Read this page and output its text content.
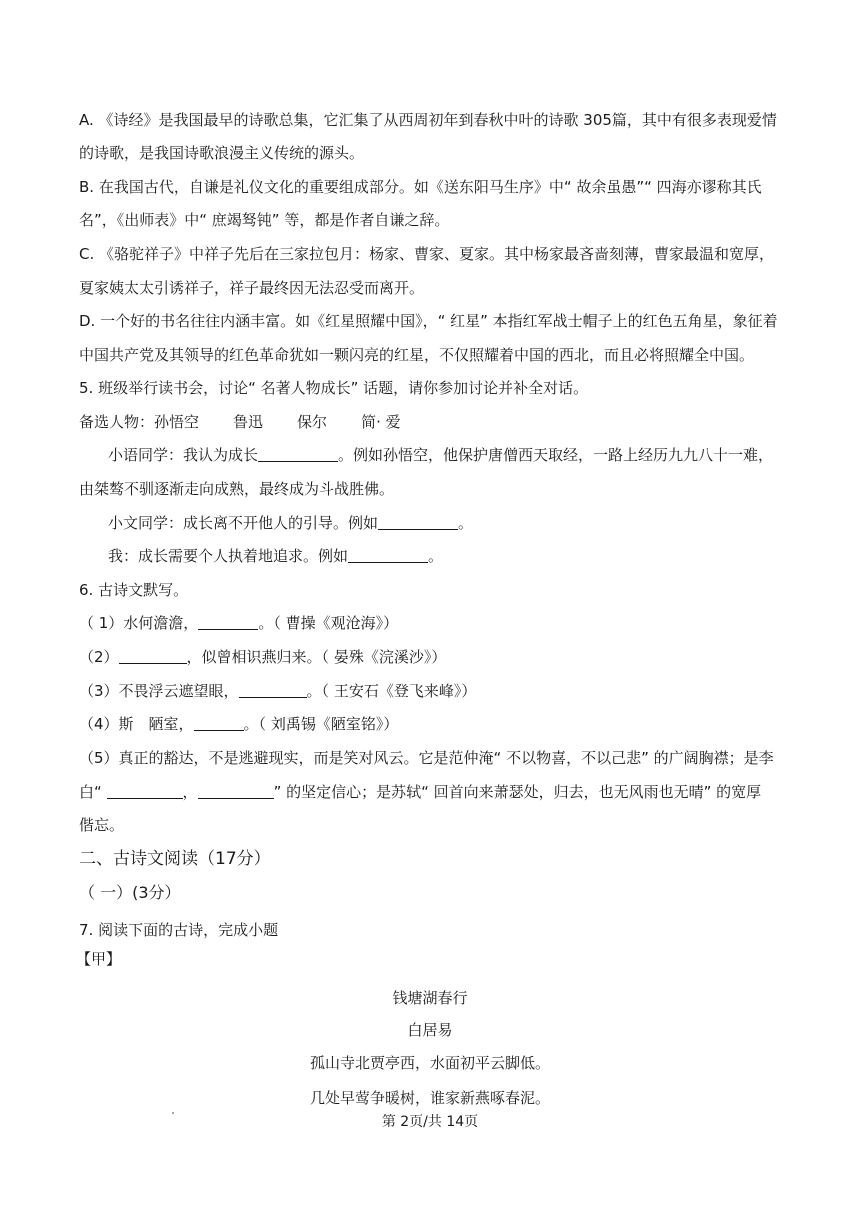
A. 《诗经》是我国最早的诗歌总集，它汇集了从西周初年到春秋中叶的诗歌 305篇，其中有很多表现爱情
的诗歌，是我国诗歌浪漫主义传统的源头。
B. 在我国古代，自谦是礼仪文化的重要组成部分。如《送东阳马生序》中“ 故余虽愚”“ 四海亦谬称其氏
名”，《出师表》中“ 庶竭驽钝” 等，都是作者自谦之辞。
C. 《骆驼祥子》中祥子先后在三家拉包月：杨家、曹家、夏家。其中杨家最吝啬刻薄，曹家最温和宽厚，
夏家姨太太引诱祥子，祥子最终因无法忍受而离开。
D. 一个好的书名往往内涵丰富。如《红星照耀中国》，“ 红星” 本指红军战士帽子上的红色五角星，象征着
中国共产党及其领导的红色革命犹如一颗闪亮的红星，不仅照耀着中国的西北，而且必将照耀全中国。
5. 班级举行读书会，讨论“ 名著人物成长” 话题，请你参加讨论并补全对话。
备选人物：孙悟空 鲁迅 保尔 简· 爱
小语同学：我认为成长	。例如孙悟空，他保护唐僧西天取经，一路上经历九九八十一难，
由桀骜不驯逐渐走向成熟，最终成为斗战胜佛。
小文同学：成长离不开他人的引导。例如	。
我：成长需要个人执着地追求。例如	。
6. 古诗文默写。
（ 1）水何澹澹，	。（ 曹操《观沧海》）
（2）	，似曾相识燕归来。（ 晏殊《浣溪沙》）
（3）不畏浮云遮望眼，	。（ 王安石《登飞来峰》）
（4）斯　陋室，	。（ 刘禹锡《陋室铭》）
（5）真正的豁达，不是逃避现实，而是笑对风云。它是范仲淹“ 不以物喜，不以己悲” 的广阔胸襟；是李
白“	，	” 的坚定信心；是苏轼“ 回首向来萧瑟处，归去，也无风雨也无晴” 的宽厚
偕忘。
二、古诗文阅读（17分）
（ 一）(3分）
7. 阅读下面的古诗，完成小题
【甲】
钱塘湖春行
白居易
孤山寺北贾亭西，水面初平云脚低。
几处早莺争暖树，谁家新燕啄春泥。
第 2页/共 14页
